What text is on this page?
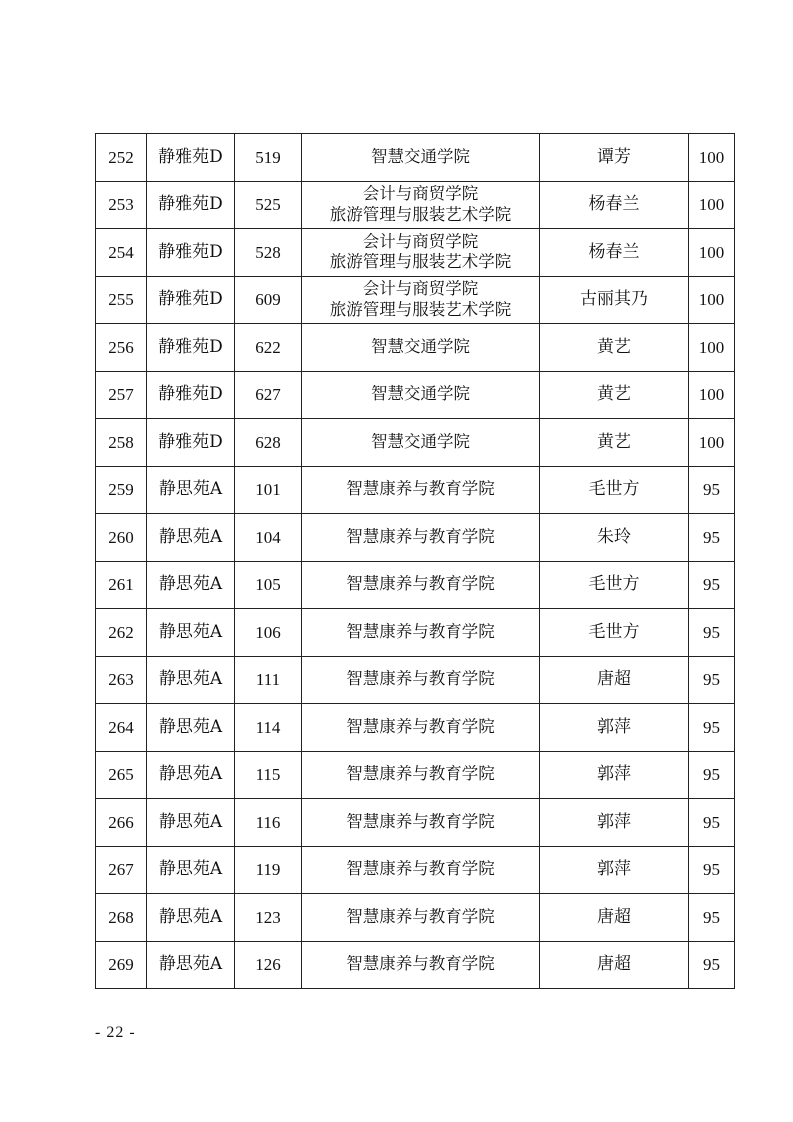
252	静雅苑D	519	智慧交通学院	谭芳	100
253	静雅苑D	525	会计与商贸学院
旅游管理与服装艺术学院	杨春兰	100
254	静雅苑D	528	会计与商贸学院
旅游管理与服装艺术学院	杨春兰	100
255	静雅苑D	609	会计与商贸学院
旅游管理与服装艺术学院	古丽其乃	100
256	静雅苑D	622	智慧交通学院	黄艺	100
257	静雅苑D	627	智慧交通学院	黄艺	100
258	静雅苑D	628	智慧交通学院	黄艺	100
259	静思苑A	101	智慧康养与教育学院	毛世方	95
260	静思苑A	104	智慧康养与教育学院	朱玲	95
261	静思苑A	105	智慧康养与教育学院	毛世方	95
262	静思苑A	106	智慧康养与教育学院	毛世方	95
263	静思苑A	111	智慧康养与教育学院	唐超	95
264	静思苑A	114	智慧康养与教育学院	郭萍	95
265	静思苑A	115	智慧康养与教育学院	郭萍	95
266	静思苑A	116	智慧康养与教育学院	郭萍	95
267	静思苑A	119	智慧康养与教育学院	郭萍	95
268	静思苑A	123	智慧康养与教育学院	唐超	95
269	静思苑A	126	智慧康养与教育学院	唐超	95
- 22 -
